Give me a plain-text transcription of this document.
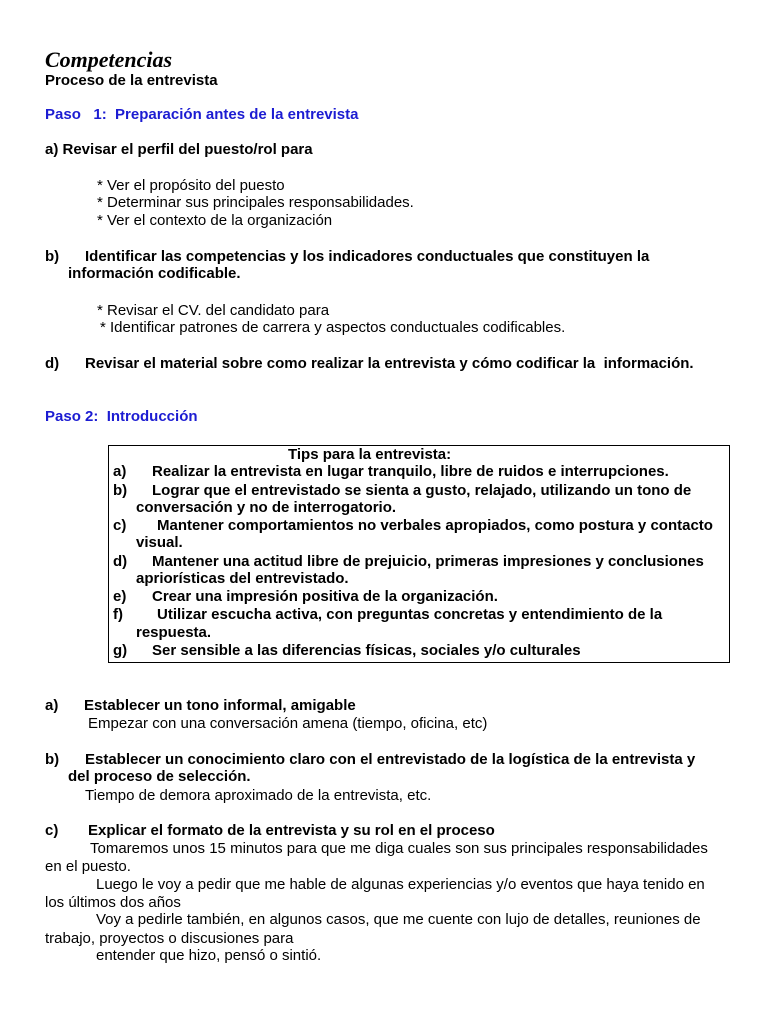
Competencias
Proceso de la entrevista
Paso   1:  Preparación antes de la entrevista
a) Revisar el perfil del puesto/rol para
* Ver el propósito del puesto
* Determinar sus principales responsabilidades.
* Ver el contexto de la organización
b) Identificar las competencias y los indicadores conductuales que constituyen la
información codificable.
* Revisar el CV. del candidato para
* Identificar patrones de carrera y aspectos conductuales codificables.
d) Revisar el material sobre como realizar la entrevista y cómo codificar la  información.
Paso 2:  Introducción
Tips para la entrevista:
a) Realizar la entrevista en lugar tranquilo, libre de ruidos e interrupciones.
b) Lograr que el entrevistado se sienta a gusto, relajado, utilizando un tono de
conversación y no de interrogatorio.
c) Mantener comportamientos no verbales apropiados, como postura y contacto
visual.
d) Mantener una actitud libre de prejuicio, primeras impresiones y conclusiones
apriorísticas del entrevistado.
e) Crear una impresión positiva de la organización.
f) Utilizar escucha activa, con preguntas concretas y entendimiento de la
respuesta.
g) Ser sensible a las diferencias físicas, sociales y/o culturales
a) Establecer un tono informal, amigable
Empezar con una conversación amena (tiempo, oficina, etc)
b) Establecer un conocimiento claro con el entrevistado de la logística de la entrevista y
del proceso de selección.
Tiempo de demora aproximado de la entrevista, etc.
c) Explicar el formato de la entrevista y su rol en el proceso
Tomaremos unos 15 minutos para que me diga cuales son sus principales responsabilidades
en el puesto.
Luego le voy a pedir que me hable de algunas experiencias y/o eventos que haya tenido en
los últimos dos años
Voy a pedirle también, en algunos casos, que me cuente con lujo de detalles, reuniones de
trabajo, proyectos o discusiones para
entender que hizo, pensó o sintió.
